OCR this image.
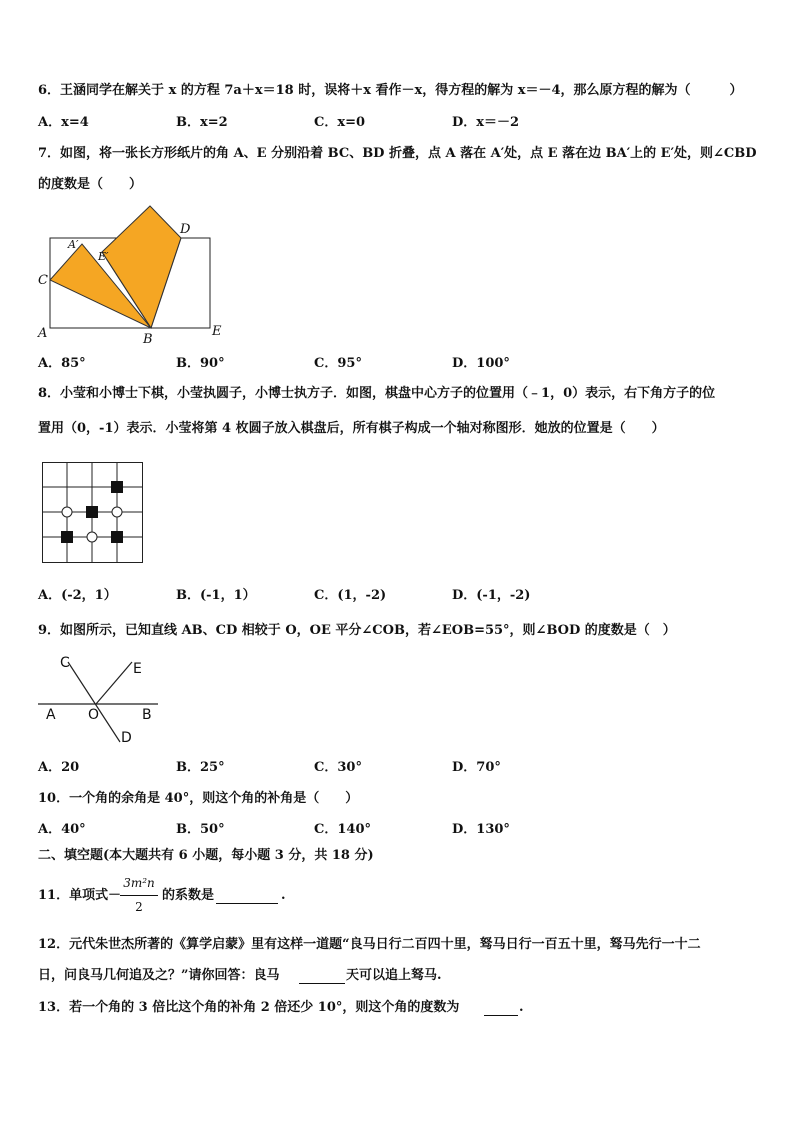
6．王涵同学在解关于 x 的方程 7a＋x＝18 时，误将＋x 看作－x，得方程的解为 x＝－4，那么原方程的解为（　　　）
A．x=4	B．x=2	C．x=0	D．x＝－2
7．如图，将一张长方形纸片的角 A、E 分别沿着 BC、BD 折叠，点 A 落在 A′处，点 E 落在边 BA′上的 E′处，则∠CBD
的度数是（　　）
A	B
C
D
E
A′
E′
A．85°	B．90°	C．95°	D．100°
8．小莹和小博士下棋，小莹执圆子，小博士执方子．如图，棋盘中心方子的位置用（﹣1，0）表示，右下角方子的位
置用（0，-1）表示．小莹将第 4 枚圆子放入棋盘后，所有棋子构成一个轴对称图形．她放的位置是（　　）
A．(-2，1）	B．(-1，1）	C．(1，-2)	D．(-1，-2)
9．如图所示，已知直线 AB、CD 相较于 O，OE 平分∠COB，若∠EOB=55°，则∠BOD 的度数是（　）
C	E
A O	B
D
A．20	B．25°	C．30°	D．70°
10．一个角的余角是 40°，则这个角的补角是（　　）
A．40°	B．50°	C．140°	D．130°
二、填空题(本大题共有 6 小题，每小题 3 分，共 18 分)
11．单项式 －
3m²n
2
的系数是	.
12．元代朱世杰所著的《算学启蒙》里有这样一道题“良马日行二百四十里，驽马日行一百五十里，驽马先行一十二
日，问良马几何追及之？”请你回答：良马	天可以追上驽马.
13．若一个角的 3 倍比这个角的补角 2 倍还少 10°，则这个角的度数为	.
